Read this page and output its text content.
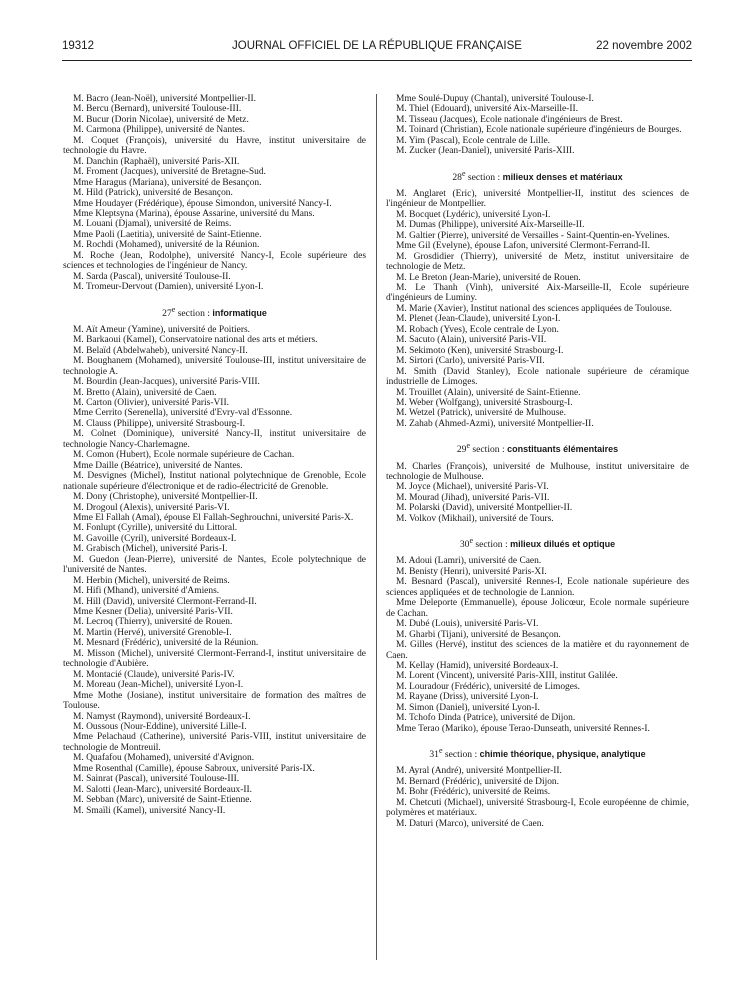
19312	JOURNAL OFFICIEL DE LA RÉPUBLIQUE FRANÇAISE	22 novembre 2002

M. Bacro (Jean-Noël), université Montpellier-II.

M. Bercu (Bernard), université Toulouse-III.

M. Bucur (Dorin Nicolae), université de Metz.

M. Carmona (Philippe), université de Nantes.

M. Coquet (François), université du Havre, institut universitaire de technologie du Havre.

M. Danchin (Raphaël), université Paris-XII.

M. Froment (Jacques), université de Bretagne-Sud.

Mme Haragus (Mariana), université de Besançon.

M. Hild (Patrick), université de Besançon.

Mme Houdayer (Frédérique), épouse Simondon, université Nancy-I.

Mme Kleptsyna (Marina), épouse Assarine, université du Mans.

M. Louani (Djamal), université de Reims.

Mme Paoli (Laetitia), université de Saint-Etienne.

M. Rochdi (Mohamed), université de la Réunion.

M. Roche (Jean, Rodolphe), université Nancy-I, Ecole supérieure des sciences et technologies de l'ingénieur de Nancy.

M. Sarda (Pascal), université Toulouse-II.

M. Tromeur-Dervout (Damien), université Lyon-I.

27e section : informatique

M. Aït Ameur (Yamine), université de Poitiers.

M. Barkaoui (Kamel), Conservatoire national des arts et métiers.

M. Belaïd (Abdelwaheb), université Nancy-II.

M. Boughanem (Mohamed), université Toulouse-III, institut universitaire de technologie A.

M. Bourdin (Jean-Jacques), université Paris-VIII.

M. Bretto (Alain), université de Caen.

M. Carton (Olivier), université Paris-VII.

Mme Cerrito (Serenella), université d'Evry-val d'Essonne.

M. Clauss (Philippe), université Strasbourg-I.

M. Colnet (Dominique), université Nancy-II, institut universitaire de technologie Nancy-Charlemagne.

M. Comon (Hubert), Ecole normale supérieure de Cachan.

Mme Daille (Béatrice), université de Nantes.

M. Desvignes (Michel), Institut national polytechnique de Grenoble, Ecole nationale supérieure d'électronique et de radio-électricité de Grenoble.

M. Dony (Christophe), université Montpellier-II.

M. Drogoul (Alexis), université Paris-VI.

Mme El Fallah (Amal), épouse El Fallah-Seghrouchni, université Paris-X.

M. Fonlupt (Cyrille), université du Littoral.

M. Gavoille (Cyril), université Bordeaux-I.

M. Grabisch (Michel), université Paris-I.

M. Guedon (Jean-Pierre), université de Nantes, Ecole polytechnique de l'université de Nantes.

M. Herbin (Michel), université de Reims.

M. Hifi (Mhand), université d'Amiens.

M. Hill (David), université Clermont-Ferrand-II.

Mme Kesner (Delia), université Paris-VII.

M. Lecroq (Thierry), université de Rouen.

M. Martin (Hervé), université Grenoble-I.

M. Mesnard (Frédéric), université de la Réunion.

M. Misson (Michel), université Clermont-Ferrand-I, institut universitaire de technologie d'Aubière.

M. Montacié (Claude), université Paris-IV.

M. Moreau (Jean-Michel), université Lyon-I.

Mme Mothe (Josiane), institut universitaire de formation des maîtres de Toulouse.

M. Namyst (Raymond), université Bordeaux-I.

M. Oussous (Nour-Eddine), université Lille-I.

Mme Pelachaud (Catherine), université Paris-VIII, institut universitaire de technologie de Montreuil.

M. Quafafou (Mohamed), université d'Avignon.

Mme Rosenthal (Camille), épouse Sabroux, université Paris-IX.

M. Sainrat (Pascal), université Toulouse-III.

M. Salotti (Jean-Marc), université Bordeaux-II.

M. Sebban (Marc), université de Saint-Etienne.

M. Smaïli (Kamel), université Nancy-II.

Mme Soulé-Dupuy (Chantal), université Toulouse-I.

M. Thiel (Edouard), université Aix-Marseille-II.

M. Tisseau (Jacques), Ecole nationale d'ingénieurs de Brest.

M. Toinard (Christian), Ecole nationale supérieure d'ingénieurs de Bourges.

M. Yim (Pascal), Ecole centrale de Lille.

M. Zucker (Jean-Daniel), université Paris-XIII.

28e section : milieux denses et matériaux

M. Anglaret (Eric), université Montpellier-II, institut des sciences de l'ingénieur de Montpellier.

M. Bocquet (Lydéric), université Lyon-I.

M. Dumas (Philippe), université Aix-Marseille-II.

M. Galtier (Pierre), université de Versailles - Saint-Quentin-en-Yvelines.

Mme Gil (Evelyne), épouse Lafon, université Clermont-Ferrand-II.

M. Grosdidier (Thierry), université de Metz, institut universitaire de technologie de Metz.

M. Le Breton (Jean-Marie), université de Rouen.

M. Le Thanh (Vinh), université Aix-Marseille-II, Ecole supérieure d'ingénieurs de Luminy.

M. Marie (Xavier), Institut national des sciences appliquées de Toulouse.

M. Plenet (Jean-Claude), université Lyon-I.

M. Robach (Yves), Ecole centrale de Lyon.

M. Sacuto (Alain), université Paris-VII.

M. Sekimoto (Ken), université Strasbourg-I.

M. Sirtori (Carlo), université Paris-VII.

M. Smith (David Stanley), Ecole nationale supérieure de céramique industrielle de Limoges.

M. Trouillet (Alain), université de Saint-Etienne.

M. Weber (Wolfgang), université Strasbourg-I.

M. Wetzel (Patrick), université de Mulhouse.

M. Zahab (Ahmed-Azmi), université Montpellier-II.

29e section : constituants élémentaires

M. Charles (François), université de Mulhouse, institut universitaire de technologie de Mulhouse.

M. Joyce (Michael), université Paris-VI.

M. Mourad (Jihad), université Paris-VII.

M. Polarski (David), université Montpellier-II.

M. Volkov (Mikhail), université de Tours.

30e section : milieux dilués et optique

M. Adoui (Lamri), université de Caen.

M. Benisty (Henri), université Paris-XI.

M. Besnard (Pascal), université Rennes-I, Ecole nationale supérieure des sciences appliquées et de technologie de Lannion.

Mme Deleporte (Emmanuelle), épouse Jolicœur, Ecole normale supérieure de Cachan.

M. Dubé (Louis), université Paris-VI.

M. Gharbi (Tijani), université de Besançon.

M. Gilles (Hervé), institut des sciences de la matière et du rayonnement de Caen.

M. Kellay (Hamid), université Bordeaux-I.

M. Lorent (Vincent), université Paris-XIII, institut Galilée.

M. Louradour (Frédéric), université de Limoges.

M. Rayane (Driss), université Lyon-I.

M. Simon (Daniel), université Lyon-I.

M. Tchofo Dinda (Patrice), université de Dijon.

Mme Terao (Mariko), épouse Terao-Dunseath, université Rennes-I.

31e section : chimie théorique, physique, analytique

M. Ayral (André), université Montpellier-II.

M. Bernard (Frédéric), université de Dijon.

M. Bohr (Frédéric), université de Reims.

M. Chetcuti (Michael), université Strasbourg-I, Ecole européenne de chimie, polymères et matériaux.

M. Daturi (Marco), université de Caen.
